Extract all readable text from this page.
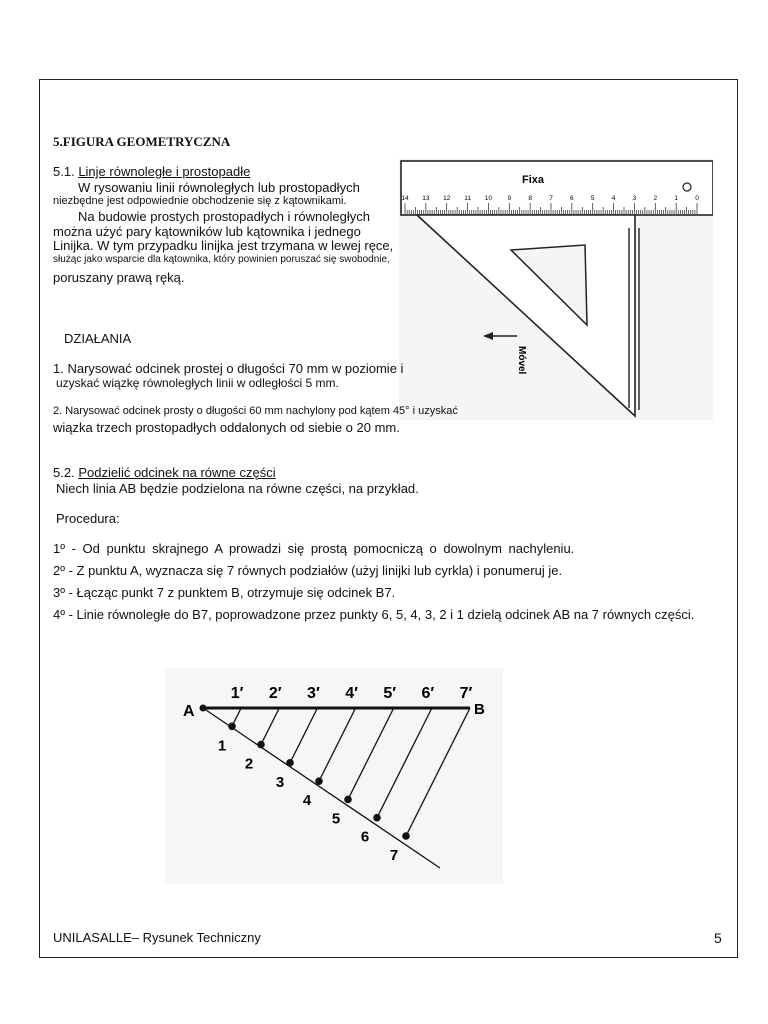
5.FIGURA GEOMETRYCZNA
5.1. Linje równoległe i prostopadłe
W rysowaniu linii równoległych lub prostopadłych
niezbędne jest odpowiednie obchodzenie się z kątownikami.
Na budowie prostych prostopadłych i równoległych
można użyć pary kątowników lub kątownika i jednego
Linijka. W tym przypadku linijka jest trzymana w lewej ręce,
służąc jako wsparcie dla kątownika, który powinien poruszać się swobodnie,
poruszany prawą ręką.
14 13 12 11 10 9	8	7	6	5	4	3	2	1	0
Fixa
Móvel
DZIAŁANIA
1. Narysować odcinek prostej o długości 70 mm w poziomie i
uzyskać wiązkę równoległych linii w odległości 5 mm.
2. Narysować odcinek prosty o długości 60 mm nachylony pod kątem 45° i uzyskać
wiązka trzech prostopadłych oddalonych od siebie o 20 mm.
5.2. Podzielić odcinek na równe części
Niech linia AB będzie podzielona na równe części, na przykład.
Procedura:
1º - Od punktu skrajnego A prowadzi się prostą pomocniczą o dowolnym nachyleniu.
2º - Z punktu A, wyznacza się 7 równych podziałów (użyj linijki lub cyrkla) i ponumeruj je.
3º - Łącząc punkt 7 z punktem B, otrzymuje się odcinek B7.
4º - Linie równoległe do B7, poprowadzone przez punkty 6, 5, 4, 3, 2 i 1 dzielą odcinek AB na 7 równych części.
A	B
1′ 2′ 3′ 4′ 5′ 6′ 7′
1
2
3
4
5
6
7
UNILASALLE– Rysunek Techniczny	5
